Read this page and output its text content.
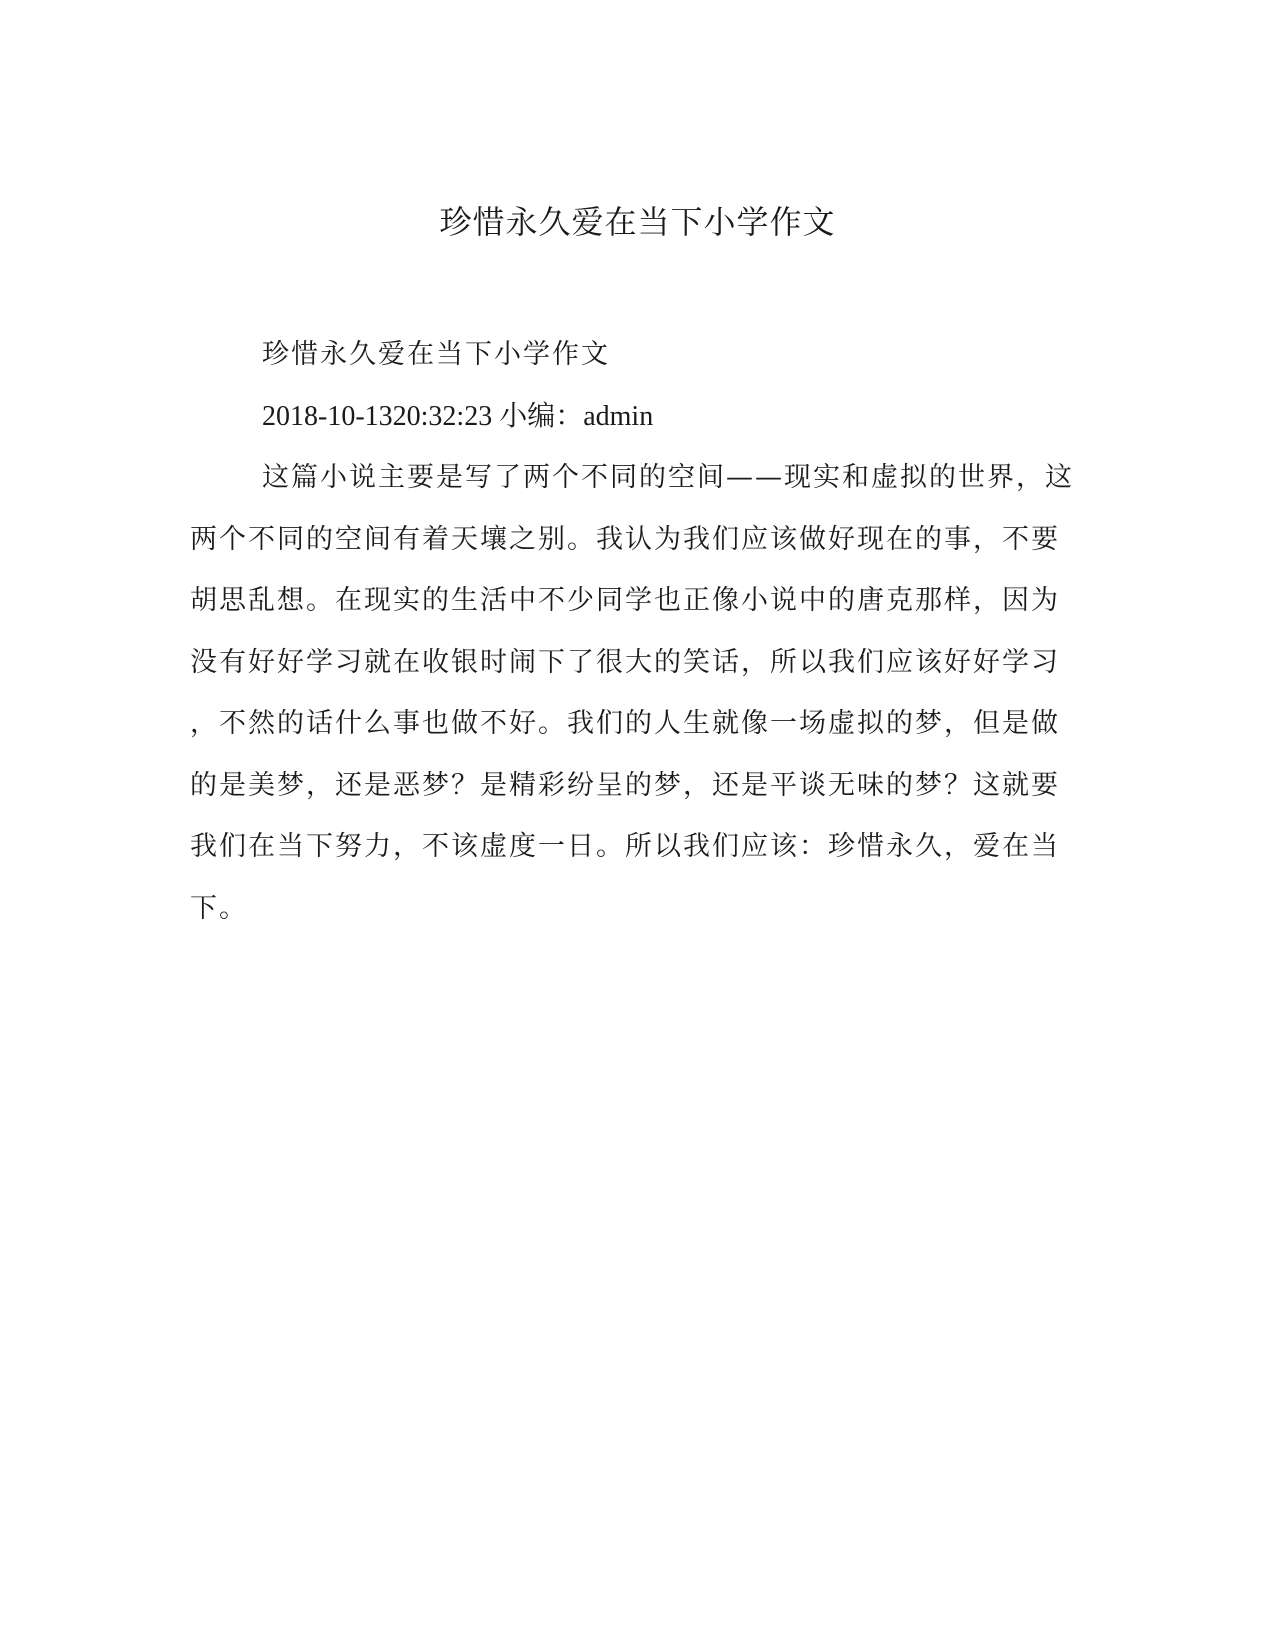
珍惜永久爱在当下小学作文
珍惜永久爱在当下小学作文
2018-10-1320:32:23 小编：admin
这篇小说主要是写了两个不同的空间——现实和虚拟的世界，这
两个不同的空间有着天壤之别。我认为我们应该做好现在的事，不要
胡思乱想。在现实的生活中不少同学也正像小说中的唐克那样，因为
没有好好学习就在收银时闹下了很大的笑话，所以我们应该好好学习
，不然的话什么事也做不好。我们的人生就像一场虚拟的梦，但是做
的是美梦，还是恶梦？是精彩纷呈的梦，还是平谈无味的梦？这就要
我们在当下努力，不该虚度一日。所以我们应该：珍惜永久，爱在当
下。
